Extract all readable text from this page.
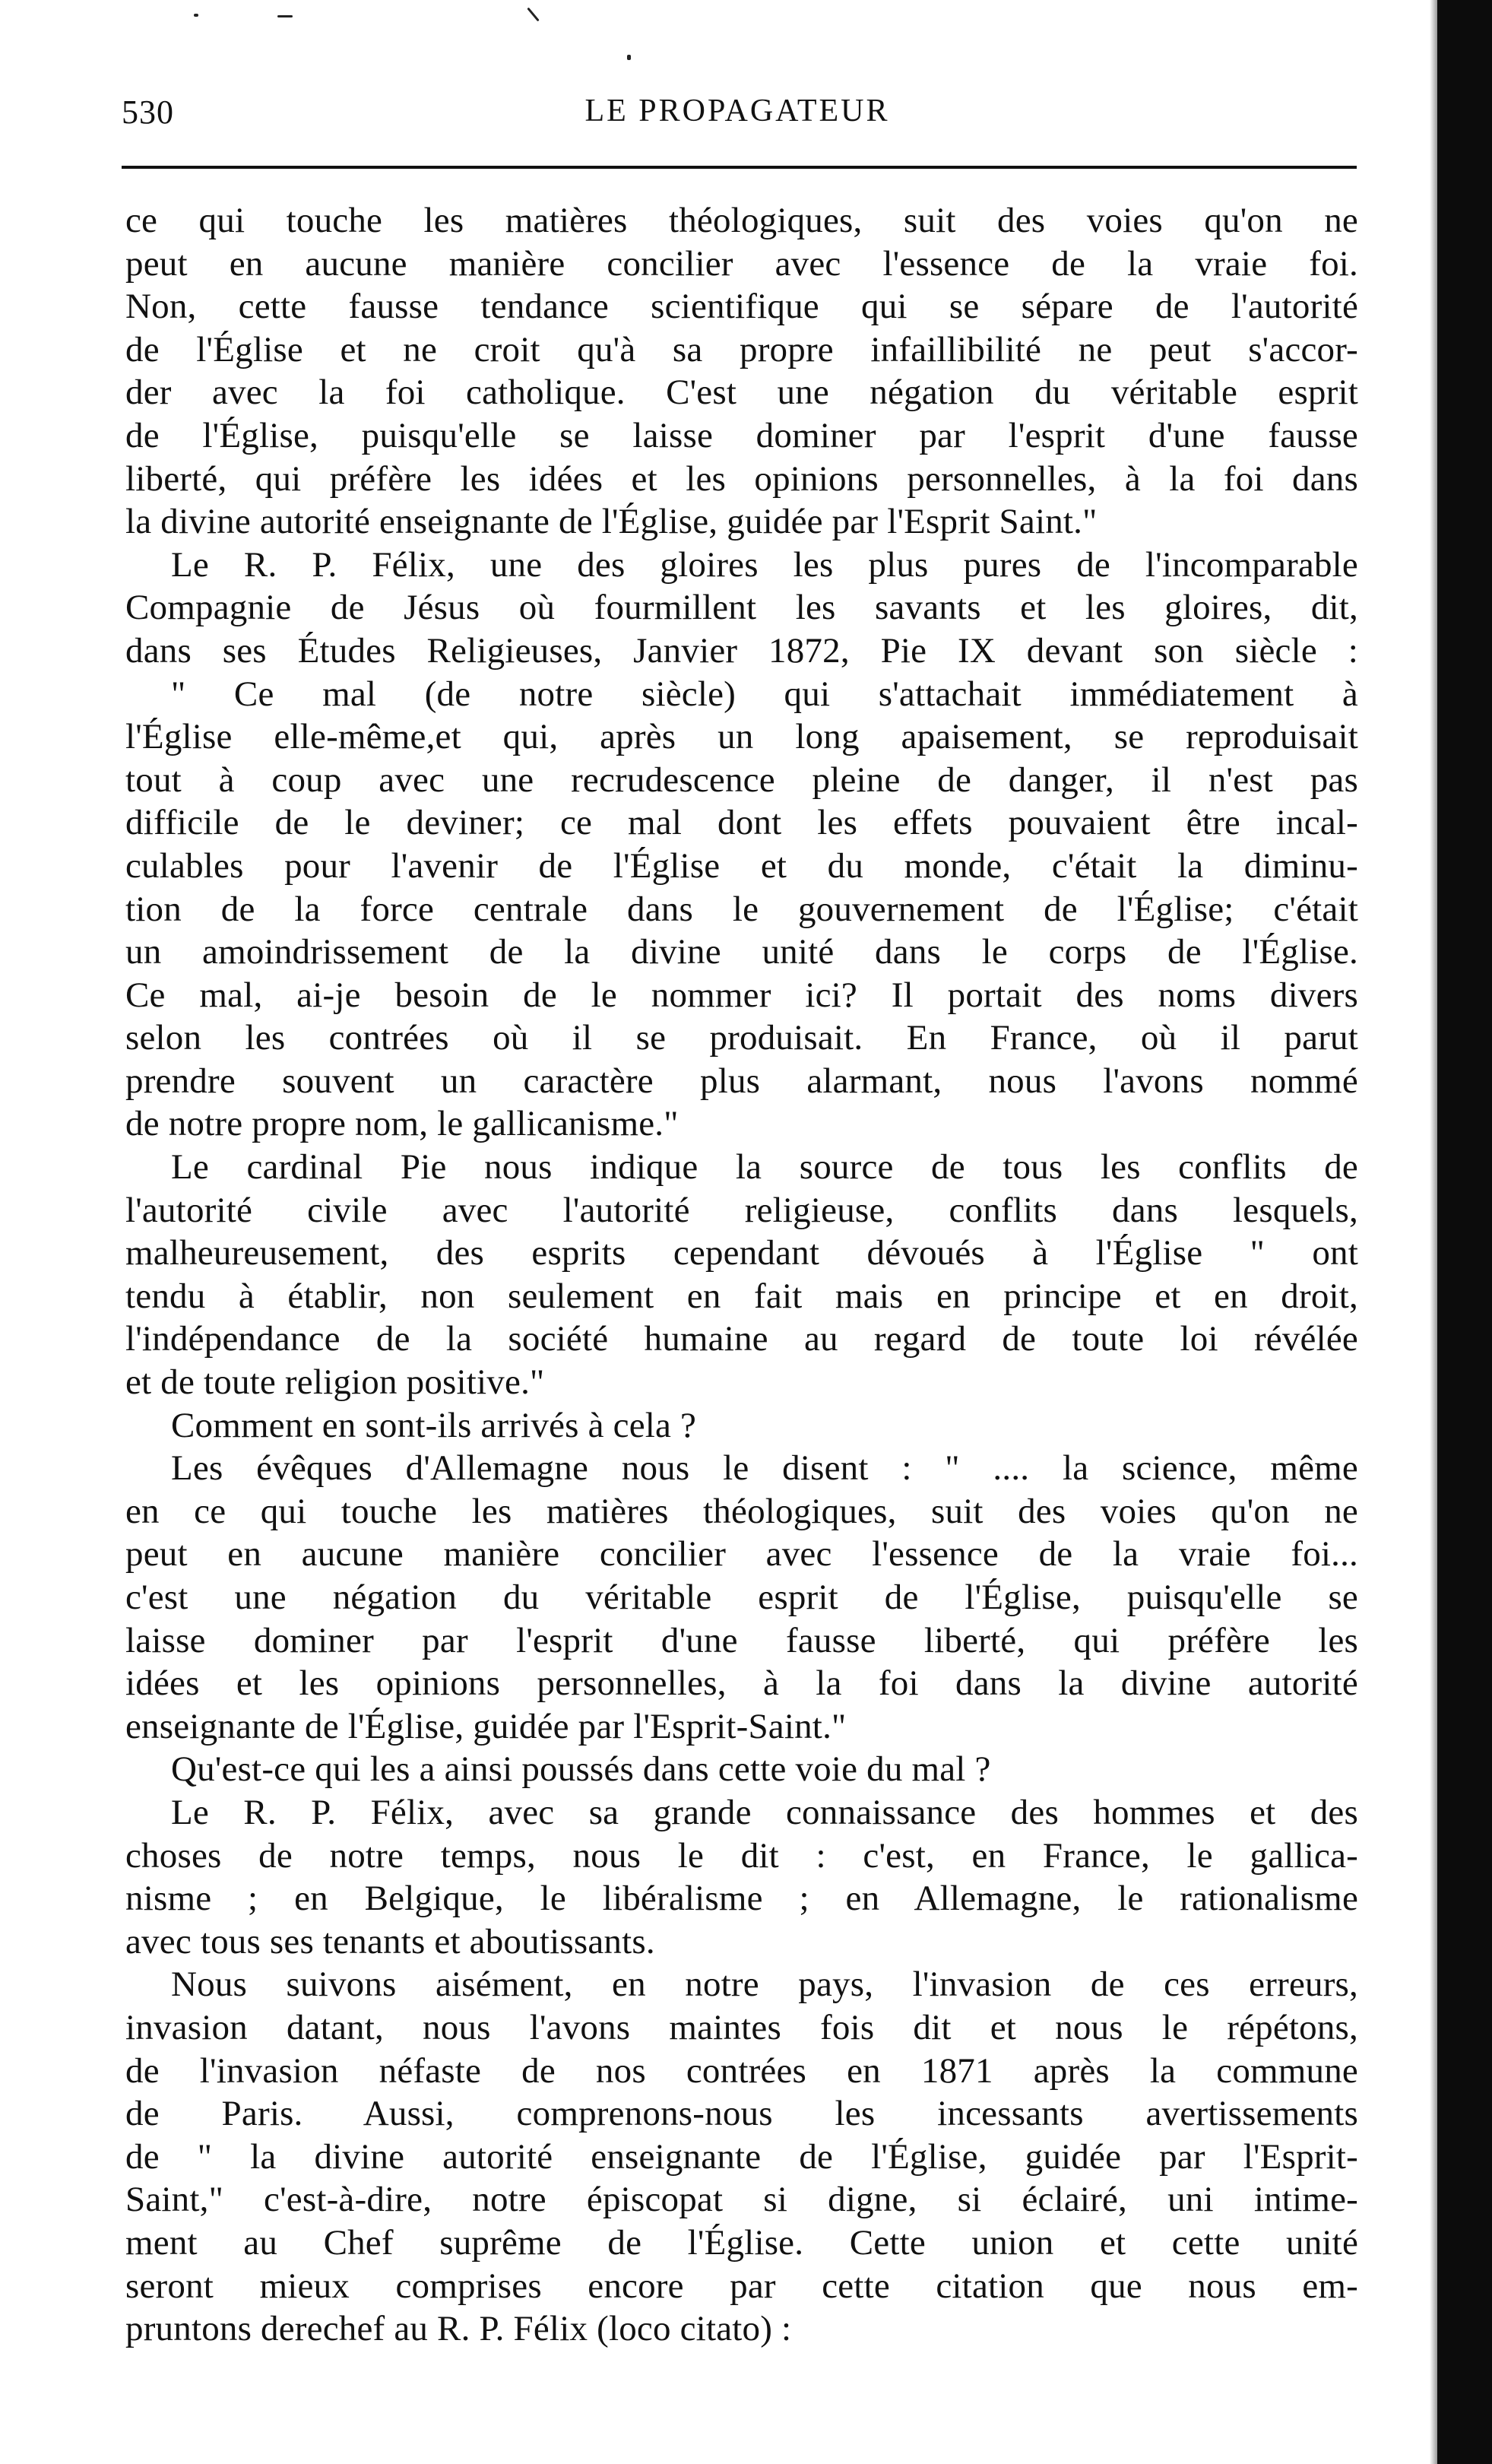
530	LE PROPAGATEUR
ce qui touche les matières théologiques, suit des voies qu'on ne
peut en aucune manière concilier avec l'essence de la vraie foi.
Non, cette fausse tendance scientifique qui se sépare de l'autorité
de l'Église et ne croit qu'à sa propre infaillibilité ne peut s'accor-
der avec la foi catholique. C'est une négation du véritable esprit
de l'Église, puisqu'elle se laisse dominer par l'esprit d'une fausse
liberté, qui préfère les idées et les opinions personnelles, à la foi dans
la divine autorité enseignante de l'Église, guidée par l'Esprit Saint."
Le R. P. Félix, une des gloires les plus pures de l'incomparable
Compagnie de Jésus où fourmillent les savants et les gloires, dit,
dans ses Études Religieuses, Janvier 1872, Pie IX devant son siècle :
" Ce mal (de notre siècle) qui s'attachait immédiatement à
l'Église elle-même,et qui, après un long apaisement, se reproduisait
tout à coup avec une recrudescence pleine de danger, il n'est pas
difficile de le deviner; ce mal dont les effets pouvaient être incal-
culables pour l'avenir de l'Église et du monde, c'était la diminu-
tion de la force centrale dans le gouvernement de l'Église; c'était
un amoindrissement de la divine unité dans le corps de l'Église.
Ce mal, ai-je besoin de le nommer ici? Il portait des noms divers
selon les contrées où il se produisait. En France, où il parut
prendre souvent un caractère plus alarmant, nous l'avons nommé
de notre propre nom, le gallicanisme."
Le cardinal Pie nous indique la source de tous les conflits de
l'autorité civile avec l'autorité religieuse, conflits dans lesquels,
malheureusement, des esprits cependant dévoués à l'Église " ont
tendu à établir, non seulement en fait mais en principe et en droit,
l'indépendance de la société humaine au regard de toute loi révélée
et de toute religion positive."
Comment en sont-ils arrivés à cela ?
Les évêques d'Allemagne nous le disent : " .... la science, même
en ce qui touche les matières théologiques, suit des voies qu'on ne
peut en aucune manière concilier avec l'essence de la vraie foi...
c'est une négation du véritable esprit de l'Église, puisqu'elle se
laisse dominer par l'esprit d'une fausse liberté, qui préfère les
idées et les opinions personnelles, à la foi dans la divine autorité
enseignante de l'Église, guidée par l'Esprit-Saint."
Qu'est-ce qui les a ainsi poussés dans cette voie du mal ?
Le R. P. Félix, avec sa grande connaissance des hommes et des
choses de notre temps, nous le dit : c'est, en France, le gallica-
nisme ; en Belgique, le libéralisme ; en Allemagne, le rationalisme
avec tous ses tenants et aboutissants.
Nous suivons aisément, en notre pays, l'invasion de ces erreurs,
invasion datant, nous l'avons maintes fois dit et nous le répétons,
de l'invasion néfaste de nos contrées en 1871 après la commune
de Paris. Aussi, comprenons-nous les incessants avertissements
de " la divine autorité enseignante de l'Église, guidée par l'Esprit-
Saint," c'est-à-dire, notre épiscopat si digne, si éclairé, uni intime-
ment au Chef suprême de l'Église. Cette union et cette unité
seront mieux comprises encore par cette citation que nous em-
pruntons derechef au R. P. Félix (loco citato) :
